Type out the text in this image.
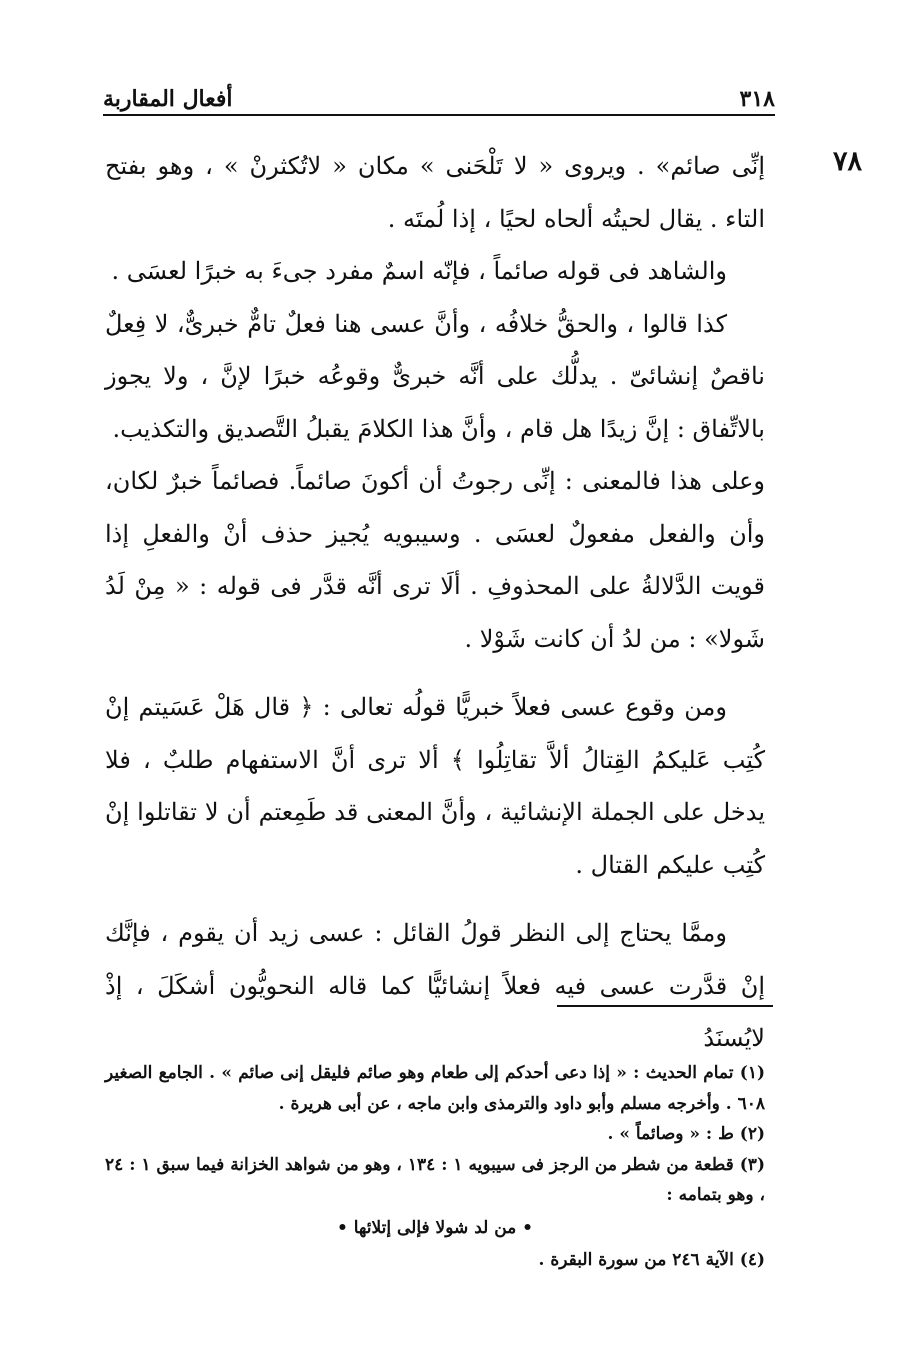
٣١٨
أفعال المقاربة
٧٨

إنِّى صائم» . ويروى « لا تَلْحَنى » مكان « لاتُكثرنْ » ، وهو بفتح التاء . يقال لحيتُه ألحاه لحيًا ، إذا لُمتَه .

والشاهد فى قوله صائماً ، فإنّه اسمٌ مفرد جىءَ به خبرًا لعسَى .

كذا قالوا ، والحقُّ خلافُه ، وأنَّ عسى هنا فعلٌ تامٌّ خبرىٌّ، لا فِعلٌ ناقصٌ إنشائىّ . يدلُّك على أنَّه خبرىٌّ وقوعُه خبرًا لإنَّ ، ولا يجوز بالاتِّفاق : إنَّ زيدًا هل قام ، وأنَّ هذا الكلامَ يقبلُ التَّصديق والتكذيب.

وعلى هذا فالمعنى : إنِّى رجوتُ أن أكونَ صائماً. فصائماً خبرٌ لكان، وأن والفعل مفعولٌ لعسَى . وسيبويه يُجيز حذف أنْ والفعلِ إذا قويت الدَّلالةُ على المحذوفِ . ألَا ترى أنَّه قدَّر فى قوله : « مِنْ لَدُ شَولا» : من لدُ أن كانت شَوْلا .

ومن وقوع عسى فعلاً خبريًّا قولُه تعالى : ﴿ قال هَلْ عَسَيتم إنْ كُتِب عَليكمُ القِتالُ ألاَّ تقاتِلُوا ﴾ ألا ترى أنَّ الاستفهام طلبٌ ، فلا يدخل على الجملة الإنشائية ، وأنَّ المعنى قد طَمِعتم أن لا تقاتلوا إنْ كُتِب عليكم القتال .

وممَّا يحتاج إلى النظر قولُ القائل : عسى زيد أن يقوم ، فإنَّك إنْ قدَّرت عسى فيه فعلاً إنشائيًّا كما قاله النحويُّون أشكَلَ ، إذْ لايُسنَدُ

(١) تمام الحديث : « إذا دعى أحدكم إلى طعام وهو صائم فليقل إنى صائم » . الجامع الصغير ٦٠٨ . وأخرجه مسلم وأبو داود والترمذى وابن ماجه ، عن أبى هريرة .

(٢) ط : « وصائماً » .

(٣) قطعة من شطر من الرجز فى سيبويه ١ : ١٣٤ ، وهو من شواهد الخزانة فيما سبق ١ : ٢٤ ، وهو بتمامه :

• من لد شولا فإلى إتلائها •

(٤) الآية ٢٤٦ من سورة البقرة .
